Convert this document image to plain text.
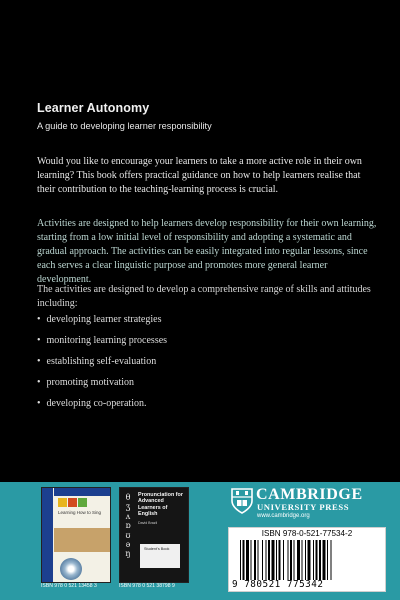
Learner Autonomy
A guide to developing learner responsibility

Would you like to encourage your learners to take a more active role in their own learning? This book offers practical guidance on how to help learners realise that their contribution to the teaching-learning process is crucial.

Activities are designed to help learners develop responsibility for their own learning, starting from a low initial level of responsibility and adopting a systematic and gradual approach. The activities can be easily integrated into regular lessons, since each serves a clear linguistic purpose and promotes more general learner development.

The activities are designed to develop a comprehensive range of skills and attitudes including:

• developing learner strategies
• monitoring learning processes
• establishing self-evaluation
• promoting motivation
• developing co-operation.
Learning How to Sing
ISBN 978 0 521 13458 3
θ ʒ ʌ ɒ ʊ ə ŋ
Pronunciation for Advanced Learners of English
David Brazil
Student's Book
ISBN 978 0 521 38798 9
CAMBRIDGE
UNIVERSITY PRESS
www.cambridge.org
ISBN 978-0-521-77534-2
9 780521 775342
